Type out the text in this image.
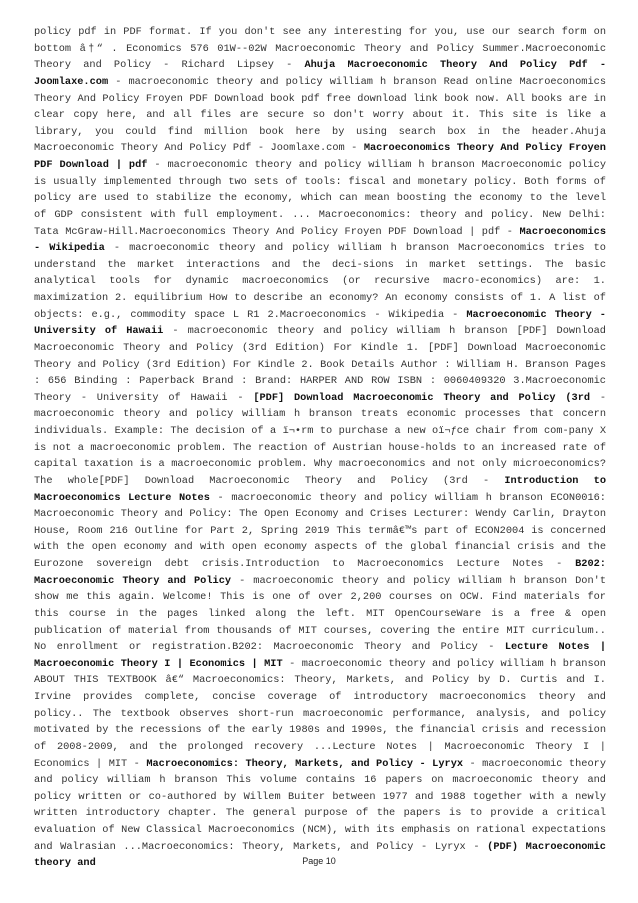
policy pdf in PDF format. If you don't see any interesting for you, use our search form on bottom â†“ . Economics 576 01W--02W Macroeconomic Theory and Policy Summer.Macroeconomic Theory and Policy - Richard Lipsey - Ahuja Macroeconomic Theory And Policy Pdf - Joomlaxe.com - macroeconomic theory and policy william h branson Read online Macroeconomics Theory And Policy Froyen PDF Download book pdf free download link book now. All books are in clear copy here, and all files are secure so don't worry about it. This site is like a library, you could find million book here by using search box in the header.Ahuja Macroeconomic Theory And Policy Pdf - Joomlaxe.com - Macroeconomics Theory And Policy Froyen PDF Download | pdf - macroeconomic theory and policy william h branson Macroeconomic policy is usually implemented through two sets of tools: fiscal and monetary policy. Both forms of policy are used to stabilize the economy, which can mean boosting the economy to the level of GDP consistent with full employment. ... Macroeconomics: theory and policy. New Delhi: Tata McGraw-Hill.Macroeconomics Theory And Policy Froyen PDF Download | pdf - Macroeconomics - Wikipedia - macroeconomic theory and policy william h branson Macroeconomics tries to understand the market interactions and the deci-sions in market settings. The basic analytical tools for dynamic macroeconomics (or recursive macro-economics) are: 1. maximization 2. equilibrium How to describe an economy? An economy consists of 1. A list of objects: e.g., commodity space L R1 2.Macroeconomics - Wikipedia - Macroeconomic Theory - University of Hawaii - macroeconomic theory and policy william h branson [PDF] Download Macroeconomic Theory and Policy (3rd Edition) For Kindle 1. [PDF] Download Macroeconomic Theory and Policy (3rd Edition) For Kindle 2. Book Details Author : William H. Branson Pages : 656 Binding : Paperback Brand : Brand: HARPER AND ROW ISBN : 0060409320 3.Macroeconomic Theory - University of Hawaii - [PDF] Download Macroeconomic Theory and Policy (3rd - macroeconomic theory and policy william h branson treats economic processes that concern individuals. Example: The decision of a ï¬•rm to purchase a new oï¬ƒce chair from com-pany X is not a macroeconomic problem. The reaction of Austrian house-holds to an increased rate of capital taxation is a macroeconomic problem. Why macroeconomics and not only microeconomics? The whole[PDF] Download Macroeconomic Theory and Policy (3rd - Introduction to Macroeconomics Lecture Notes - macroeconomic theory and policy william h branson ECON0016: Macroeconomic Theory and Policy: The Open Economy and Crises Lecturer: Wendy Carlin, Drayton House, Room 216 Outline for Part 2, Spring 2019 This termâ€™s part of ECON2004 is concerned with the open economy and with open economy aspects of the global financial crisis and the Eurozone sovereign debt crisis.Introduction to Macroeconomics Lecture Notes - B202: Macroeconomic Theory and Policy - macroeconomic theory and policy william h branson Don't show me this again. Welcome! This is one of over 2,200 courses on OCW. Find materials for this course in the pages linked along the left. MIT OpenCourseWare is a free & open publication of material from thousands of MIT courses, covering the entire MIT curriculum.. No enrollment or registration.B202: Macroeconomic Theory and Policy - Lecture Notes | Macroeconomic Theory I | Economics | MIT - macroeconomic theory and policy william h branson ABOUT THIS TEXTBOOK â€“ Macroeconomics: Theory, Markets, and Policy by D. Curtis and I. Irvine provides complete, concise coverage of introductory macroeconomics theory and policy.. The textbook observes short-run macroeconomic performance, analysis, and policy motivated by the recessions of the early 1980s and 1990s, the financial crisis and recession of 2008-2009, and the prolonged recovery ...Lecture Notes | Macroeconomic Theory I | Economics | MIT - Macroeconomics: Theory, Markets, and Policy - Lyryx - macroeconomic theory and policy william h branson This volume contains 16 papers on macroeconomic theory and policy written or co-authored by Willem Buiter between 1977 and 1988 together with a newly written introductory chapter. The general purpose of the papers is to provide a critical evaluation of New Classical Macroeconomics (NCM), with its emphasis on rational expectations and Walrasian ...Macroeconomics: Theory, Markets, and Policy - Lyryx - (PDF) Macroeconomic theory and	Page 10
